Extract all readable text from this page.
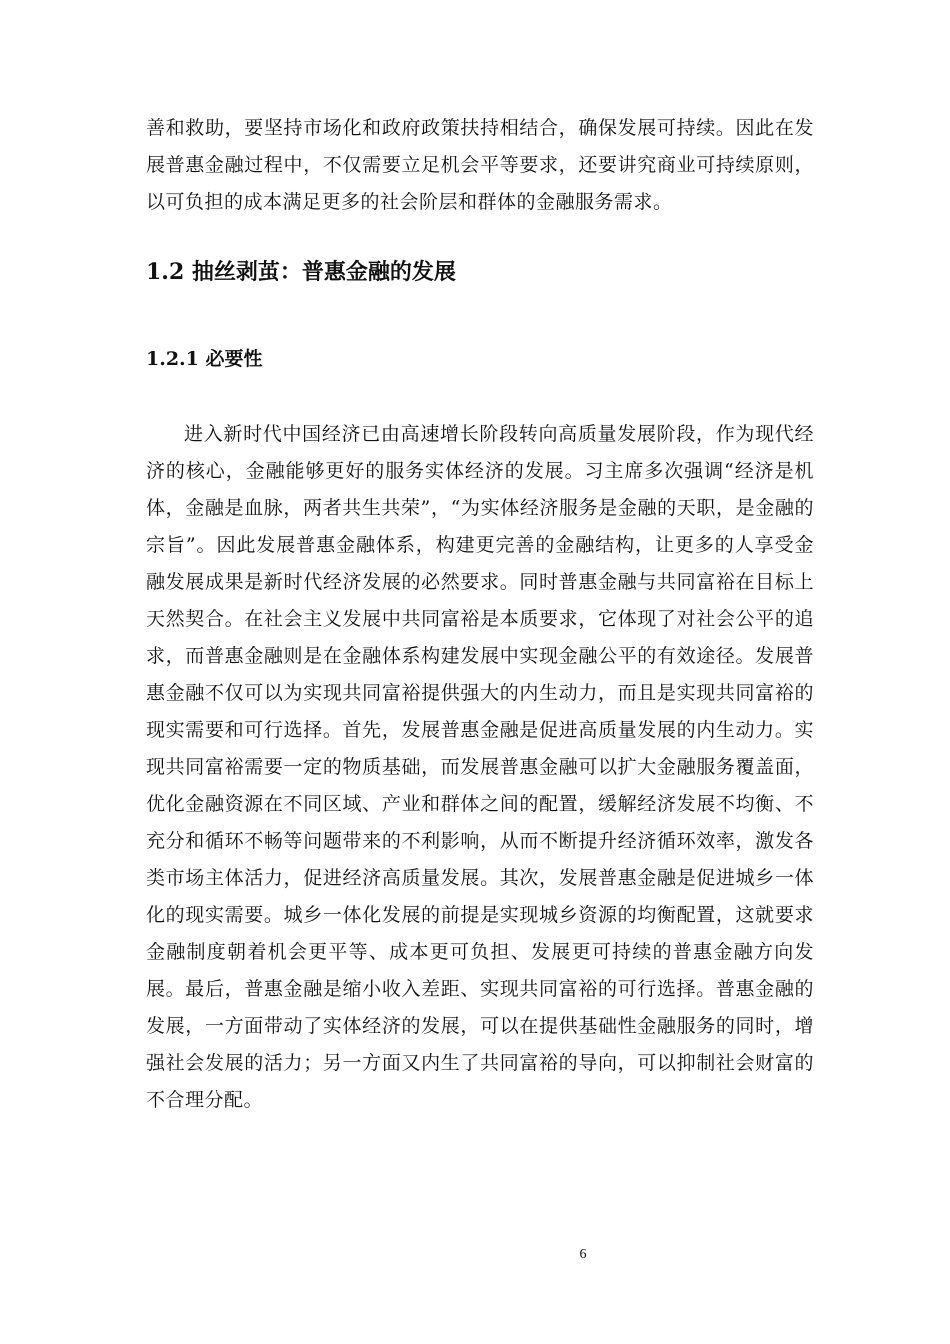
善和救助，要坚持市场化和政府政策扶持相结合，确保发展可持续。因此在发展普惠金融过程中，不仅需要立足机会平等要求，还要讲究商业可持续原则，以可负担的成本满足更多的社会阶层和群体的金融服务需求。

1.2 抽丝剥茧：普惠金融的发展
1.2.1 必要性

进入新时代中国经济已由高速增长阶段转向高质量发展阶段，作为现代经济的核心，金融能够更好的服务实体经济的发展。习主席多次强调“经济是机体，金融是血脉，两者共生共荣”，“为实体经济服务是金融的天职，是金融的宗旨”。因此发展普惠金融体系，构建更完善的金融结构，让更多的人享受金融发展成果是新时代经济发展的必然要求。同时普惠金融与共同富裕在目标上天然契合。在社会主义发展中共同富裕是本质要求，它体现了对社会公平的追求，而普惠金融则是在金融体系构建发展中实现金融公平的有效途径。发展普惠金融不仅可以为实现共同富裕提供强大的内生动力，而且是实现共同富裕的现实需要和可行选择。首先，发展普惠金融是促进高质量发展的内生动力。实现共同富裕需要一定的物质基础，而发展普惠金融可以扩大金融服务覆盖面，优化金融资源在不同区域、产业和群体之间的配置，缓解经济发展不均衡、不充分和循环不畅等问题带来的不利影响，从而不断提升经济循环效率，激发各类市场主体活力，促进经济高质量发展。其次，发展普惠金融是促进城乡一体化的现实需要。城乡一体化发展的前提是实现城乡资源的均衡配置，这就要求金融制度朝着机会更平等、成本更可负担、发展更可持续的普惠金融方向发展。最后，普惠金融是缩小收入差距、实现共同富裕的可行选择。普惠金融的发展，一方面带动了实体经济的发展，可以在提供基础性金融服务的同时，增强社会发展的活力；另一方面又内生了共同富裕的导向，可以抑制社会财富的不合理分配。

6
